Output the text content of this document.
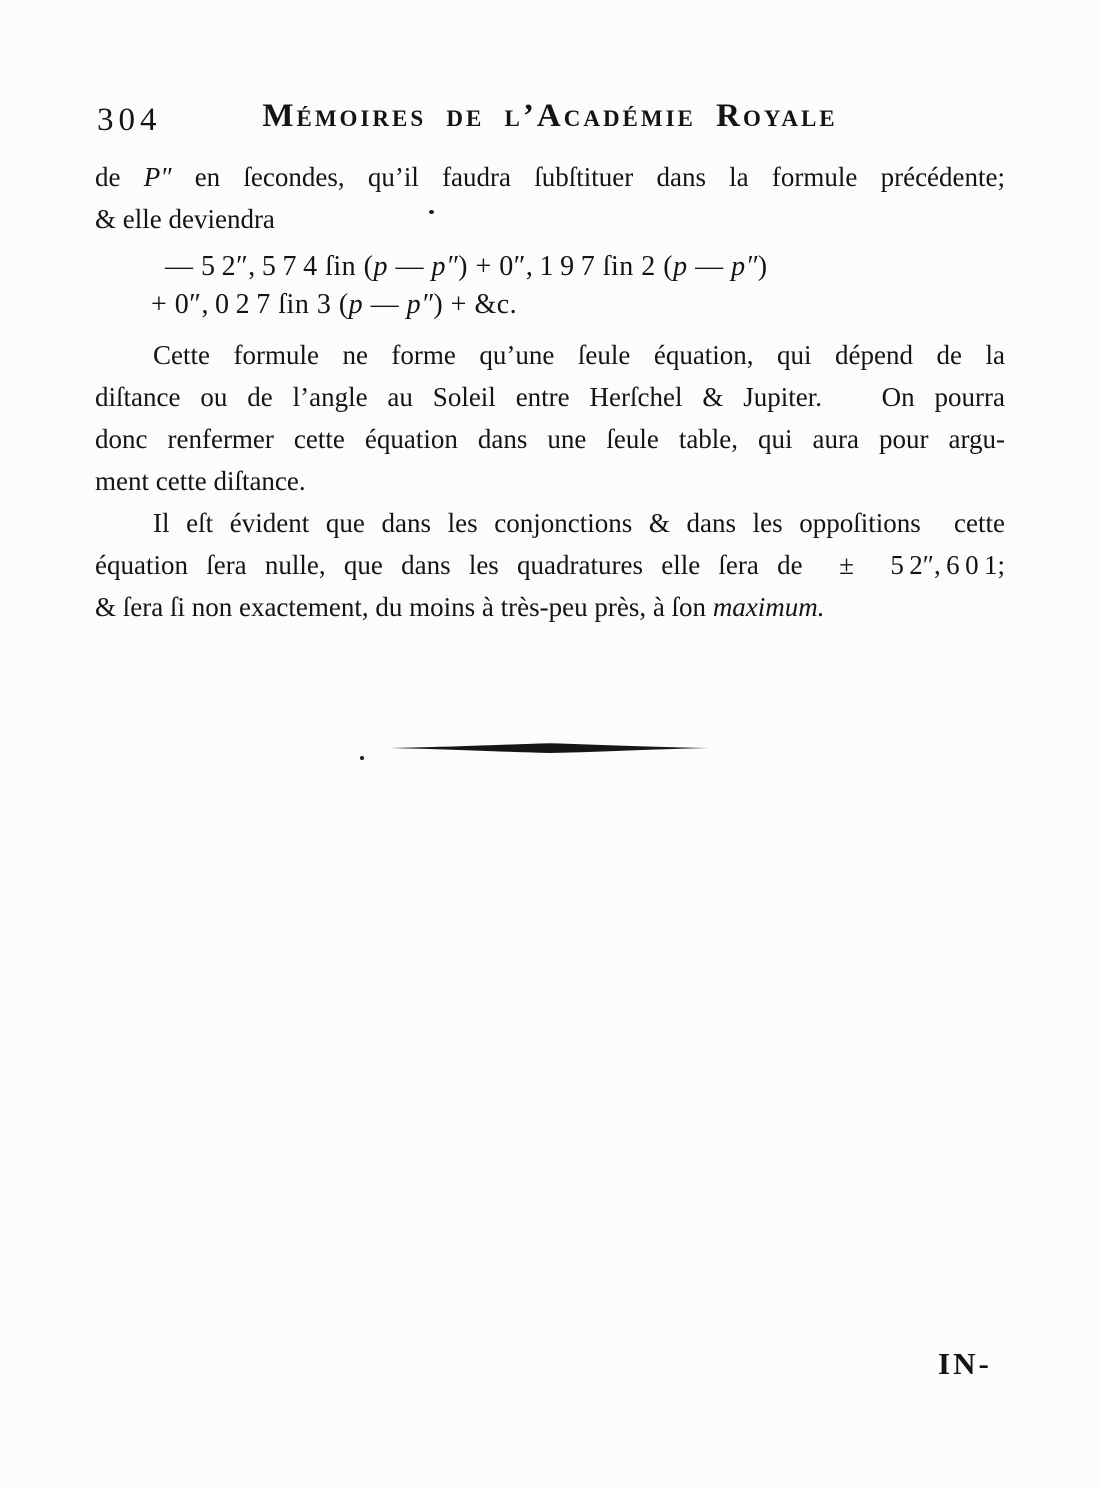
304	Mémoires de l’Académie Royale
de P″ en ſecondes, qu’il faudra ſubſtituer dans la formule précédente;
& elle deviendra
— 5 2″, 5 7 4 ſin (p — p″) + 0″, 1 9 7 ſin 2 (p — p″)
+ 0″, 0 2 7 ſin 3 (p — p″) + &c.
Cette formule ne forme qu’une ſeule équation, qui dépend de la
diſtance ou de l’angle au Soleil entre Herſchel & Jupiter.   On pourra
donc renfermer cette équation dans une ſeule table, qui aura pour argu-
ment cette diſtance.
Il eſt évident que dans les conjonctions & dans les oppoſitions  cette
équation ſera nulle, que dans les quadratures elle ſera de  ±  5 2″, 6 0 1;
& ſera ſi non exactement, du moins à très-peu près, à ſon maximum.
IN-
